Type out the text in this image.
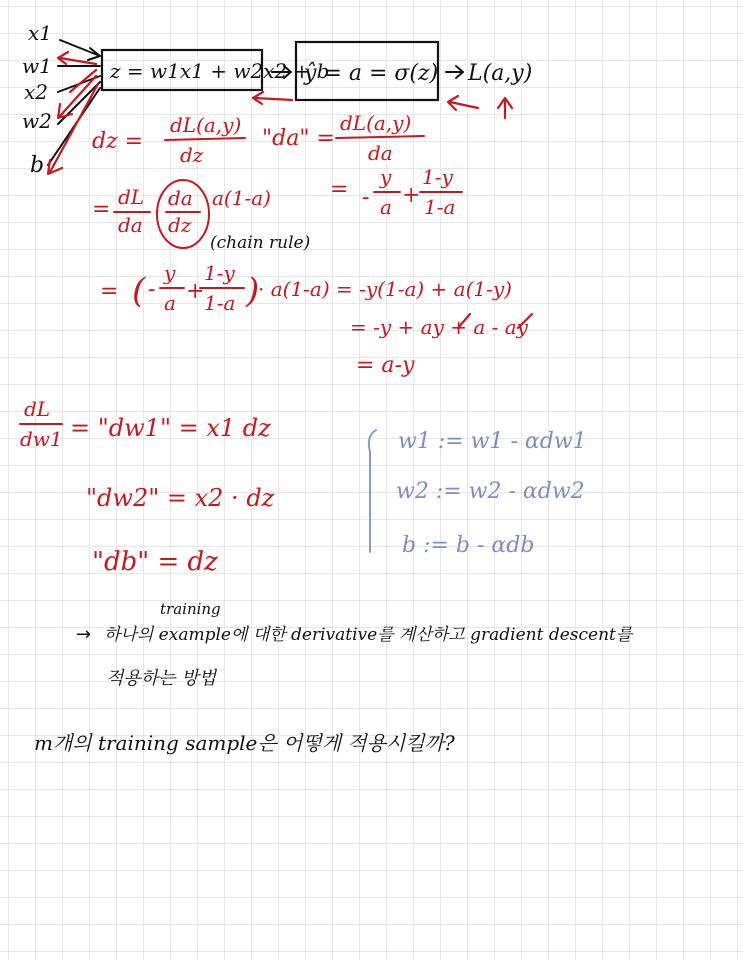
x1
w1
x2
w2
b
z = w1x1 + w2x2 + b
ŷ = a = σ(z) L(a,y)
dz =
dL(a,y)
dz
"da" =
dL(a,y)
da
= dL
da
·
da
dz
a(1-a)
(chain rule)
= -
y
a +
1-y
1-a
= ( -
y
a +
1-y
1-a )
· a(1-a) = -y(1-a) + a(1-y)
= -y + ay + a - ay
= a-y
dL
dw1 = "dw1" = x1 dz
"dw2" = x2 · dz
"db" = dz
w1 := w1 - αdw1
w2 := w2 - αdw2
b := b - αdb
training
→ 하나의 example에 대한 derivative를 계산하고 gradient descent를
적용하는 방법
m개의 training sample은 어떻게 적용시킬까?
